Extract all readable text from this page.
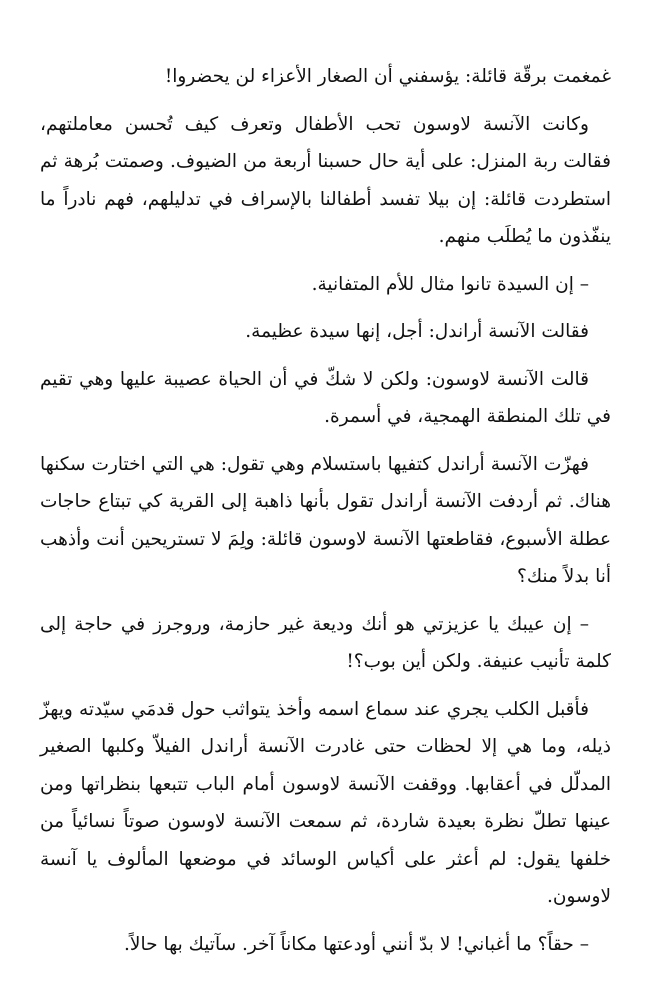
غمغمت برقّة قائلة: يؤسفني أن الصغار الأعزاء لن يحضروا!

وكانت الآنسة لاوسون تحب الأطفال وتعرف كيف تُحسن معاملتهم، فقالت ربة المنزل: على أية حال حسبنا أربعة من الضيوف. وصمتت بُرهة ثم استطردت قائلة: إن بيلا تفسد أطفالنا بالإسراف في تدليلهم، فهم نادراً ما ينفّذون ما يُطلَب منهم.

– إن السيدة تانوا مثال للأم المتفانية.

فقالت الآنسة أراندل: أجل، إنها سيدة عظيمة.

قالت الآنسة لاوسون: ولكن لا شكّ في أن الحياة عصيبة عليها وهي تقيم في تلك المنطقة الهمجية، في أسمرة.

فهزّت الآنسة أراندل كتفيها باستسلام وهي تقول: هي التي اختارت سكنها هناك. ثم أردفت الآنسة أراندل تقول بأنها ذاهبة إلى القرية كي تبتاع حاجات عطلة الأسبوع، فقاطعتها الآنسة لاوسون قائلة: ولِمَ لا تستريحين أنت وأذهب أنا بدلاً منك؟

– إن عيبك يا عزيزتي هو أنك وديعة غير حازمة، وروجرز في حاجة إلى كلمة تأنيب عنيفة. ولكن أين بوب؟!

فأقبل الكلب يجري عند سماع اسمه وأخذ يتواثب حول قدمَي سيّدته ويهزّ ذيله، وما هي إلا لحظات حتى غادرت الآنسة أراندل الفيلاّ وكلبها الصغير المدلّل في أعقابها. ووقفت الآنسة لاوسون أمام الباب تتبعها بنظراتها ومن عينها تطلّ نظرة بعيدة شاردة، ثم سمعت الآنسة لاوسون صوتاً نسائياً من خلفها يقول: لم أعثر على أكياس الوسائد في موضعها المألوف يا آنسة لاوسون.

– حقاً؟ ما أغباني! لا بدّ أنني أودعتها مكاناً آخر. سآتيك بها حالاً.
